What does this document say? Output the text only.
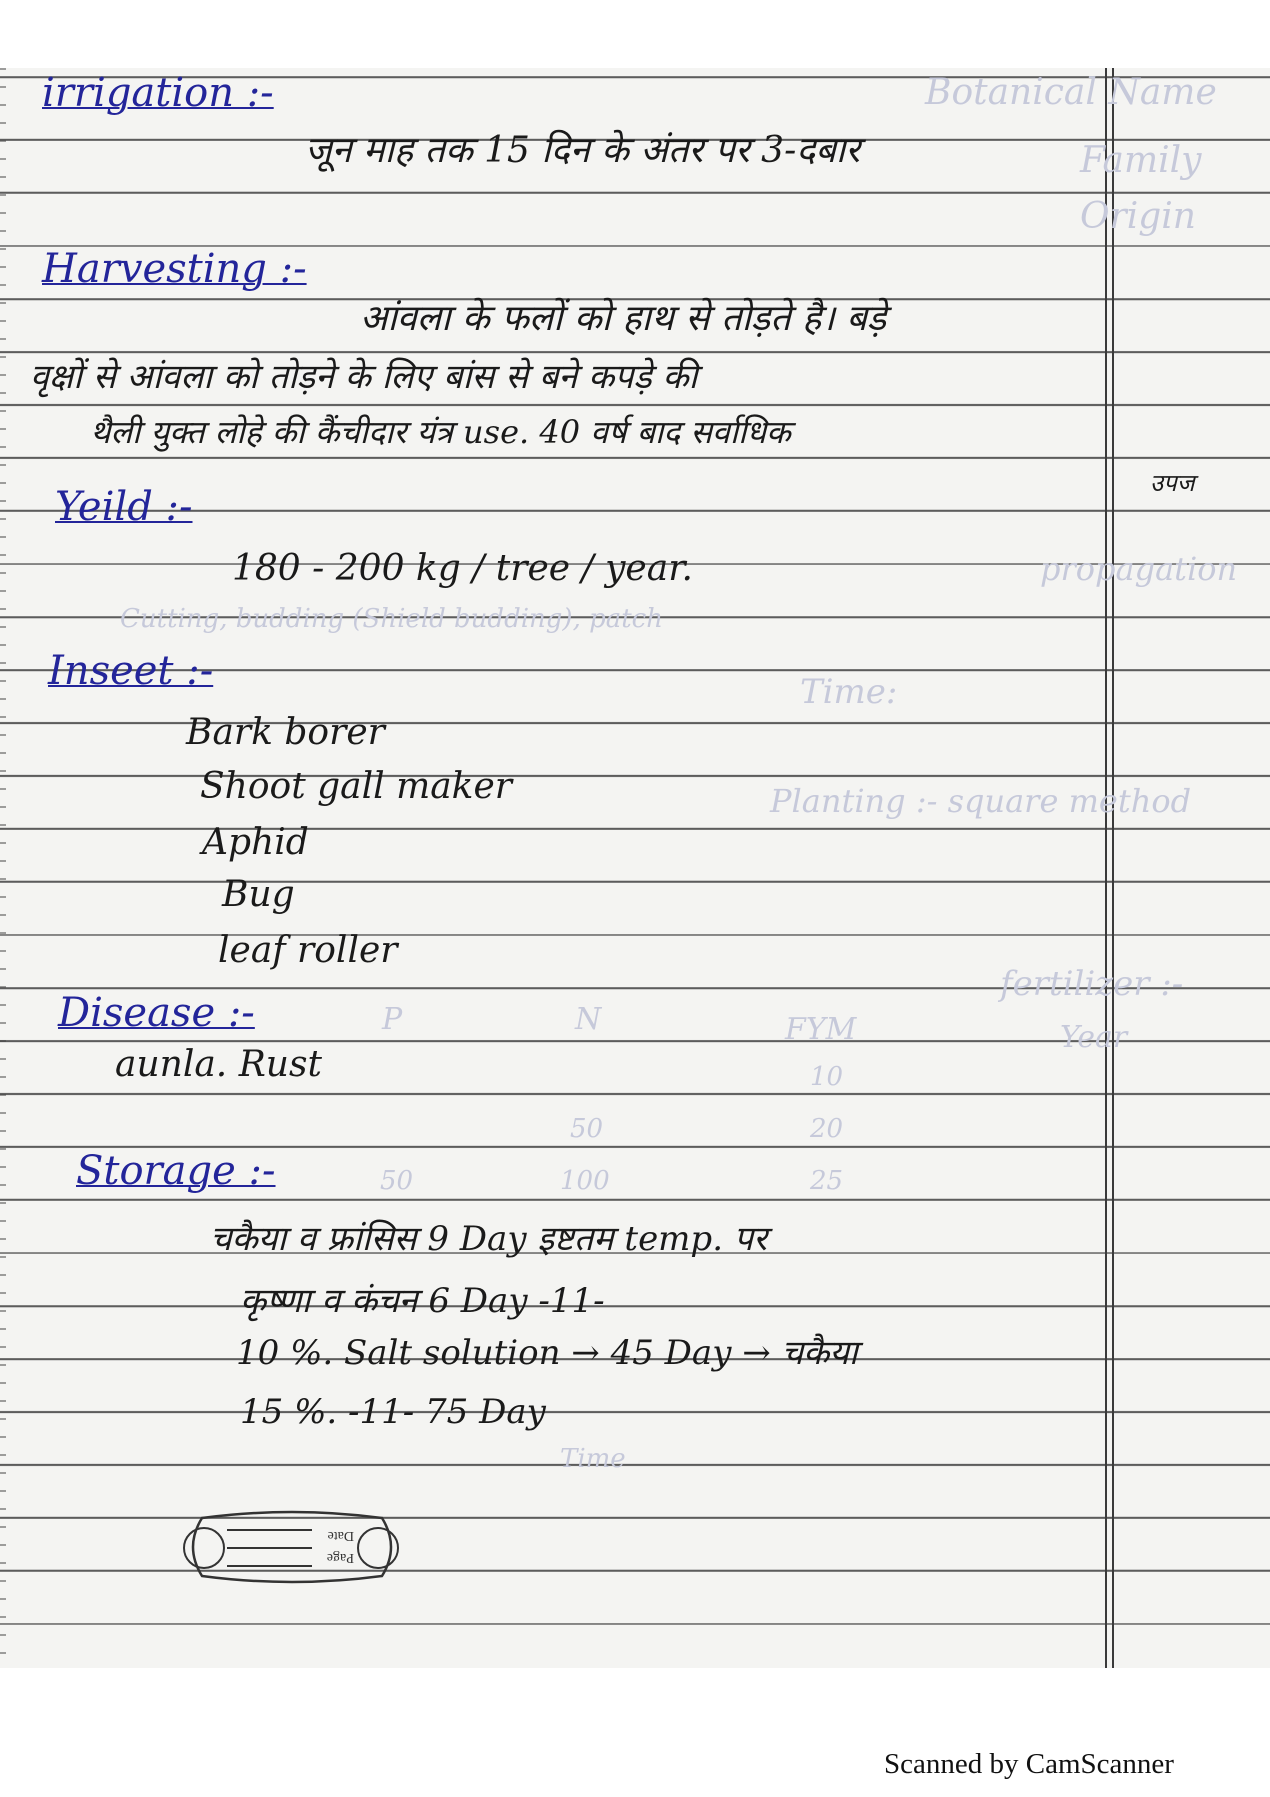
Botanical Name
Family
Origin
propagation
Cutting, budding (Shield budding), patch
Time:
Planting :- square method
fertilizer :-
Year
FYM
N
P
10
20
25
50
100
50
Time
irrigation :-
जून माह तक 15 दिन के अंतर पर 3-दबार
Harvesting :-
आंवला के फलों को हाथ से तोड़ते है। बड़े
वृक्षों से आंवला को तोड़ने के लिए बांस से बने कपड़े की
थैली युक्त लोहे की कैंचीदार यंत्र use. 40 वर्ष बाद सर्वाधिक
उपज
Yeild :-
180 - 200 kg / tree / year.
Inseet :-
Bark borer
Shoot gall maker
Aphid
Bug
leaf roller
Disease :-
aunla. Rust
Storage :-
चकैया व फ्रांसिस 9 Day इष्टतम temp. पर
कृष्णा व कंचन 6 Day -11-
10 %. Salt solution → 45 Day → चकैया
15 %. -11- 75 Day
Page
Date
Scanned by CamScanner
